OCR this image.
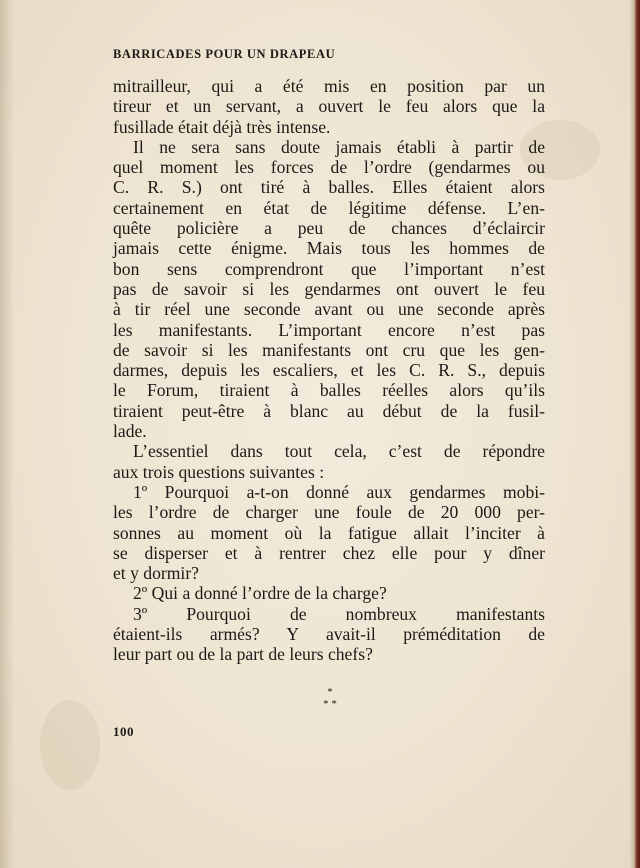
BARRICADES POUR UN DRAPEAU
mitrailleur, qui a été mis en position par un
tireur et un servant, a ouvert le feu alors que la
fusillade était déjà très intense.
Il ne sera sans doute jamais établi à partir de
quel moment les forces de l’ordre (gendarmes ou
C. R. S.) ont tiré à balles. Elles étaient alors
certainement en état de légitime défense. L’en-
quête policière a peu de chances d’éclaircir
jamais cette énigme. Mais tous les hommes de
bon sens comprendront que l’important n’est
pas de savoir si les gendarmes ont ouvert le feu
à tir réel une seconde avant ou une seconde après
les manifestants. L’important encore n’est pas
de savoir si les manifestants ont cru que les gen-
darmes, depuis les escaliers, et les C. R. S., depuis
le Forum, tiraient à balles réelles alors qu’ils
tiraient peut-être à blanc au début de la fusil-
lade.
L’essentiel dans tout cela, c’est de répondre
aux trois questions suivantes :
1º Pourquoi a-t-on donné aux gendarmes mobi-
les l’ordre de charger une foule de 20 000 per-
sonnes au moment où la fatigue allait l’inciter à
se disperser et à rentrer chez elle pour y dîner
et y dormir?
2º Qui a donné l’ordre de la charge?
3º Pourquoi de nombreux manifestants
étaient-ils armés? Y avait-il préméditation de
leur part ou de la part de leurs chefs?
*
* *
100
